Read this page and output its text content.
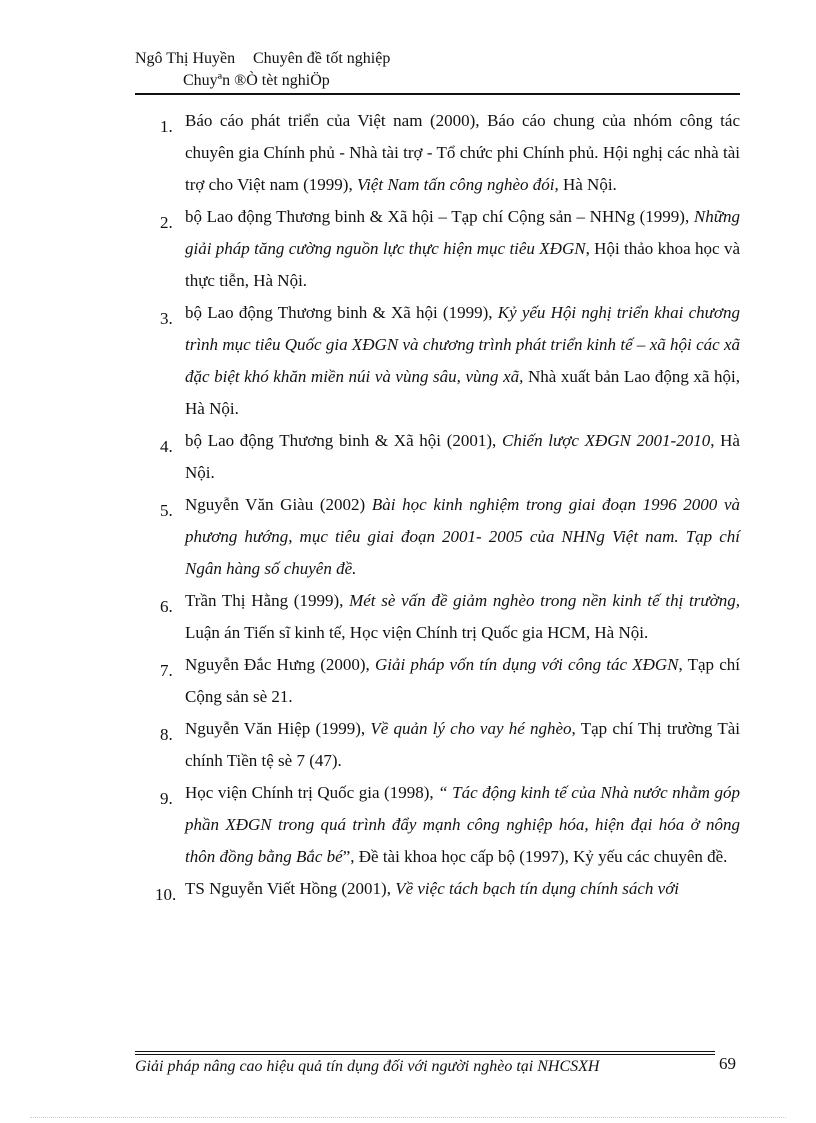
Ngô Thị Huyền Chuyên đề tốt nghiệp
Chuyªn ®Ò tèt nghiÖp
1. Báo cáo phát triển của Việt nam (2000), Báo cáo chung của nhóm công tác chuyên gia Chính phủ - Nhà tài trợ - Tổ chức phi Chính phủ. Hội nghị các nhà tài trợ cho Việt nam (1999), Việt Nam tấn công nghèo đói, Hà Nội.
2. bộ Lao động Thương binh & Xã hội – Tạp chí Cộng sản – NHNg (1999), Những giải pháp tăng cường nguồn lực thực hiện mục tiêu XĐGN, Hội thảo khoa học và thực tiễn, Hà Nội.
3. bộ Lao động Thương binh & Xã hội (1999), Kỷ yếu Hội nghị triển khai chương trình mục tiêu Quốc gia XĐGN và chương trình phát triển kinh tế – xã hội các xã đặc biệt khó khăn miền núi và vùng sâu, vùng xã, Nhà xuất bản Lao động xã hội, Hà Nội.
4. bộ Lao động Thương binh & Xã hội (2001), Chiến lược XĐGN 2001-2010, Hà Nội.
5. Nguyễn Văn Giàu (2002) Bài học kinh nghiệm trong giai đoạn 1996 2000 và phương hướng, mục tiêu giai đoạn 2001- 2005 của NHNg Việt nam. Tạp chí Ngân hàng số chuyên đề.
6. Trần Thị Hằng (1999), Mét sè vấn đề giảm nghèo trong nền kinh tế thị trường, Luận án Tiến sĩ kinh tế, Học viện Chính trị Quốc gia HCM, Hà Nội.
7. Nguyễn Đắc Hưng (2000), Giải pháp vốn tín dụng với công tác XĐGN, Tạp chí Cộng sản sè 21.
8. Nguyễn Văn Hiệp (1999), Về quản lý cho vay hé nghèo, Tạp chí Thị trường Tài chính Tiền tệ sè 7 (47).
9. Học viện Chính trị Quốc gia (1998), “ Tác động kinh tế của Nhà nước nhằm góp phần XĐGN trong quá trình đẩy mạnh công nghiệp hóa, hiện đại hóa ở nông thôn đồng bằng Bắc bé”, Đề tài khoa học cấp bộ (1997), Kỷ yếu các chuyên đề.
10. TS Nguyễn Viết Hồng (2001), Về việc tách bạch tín dụng chính sách với
Giải pháp nâng cao hiệu quả tín dụng đối với người nghèo tại NHCSXH	69
